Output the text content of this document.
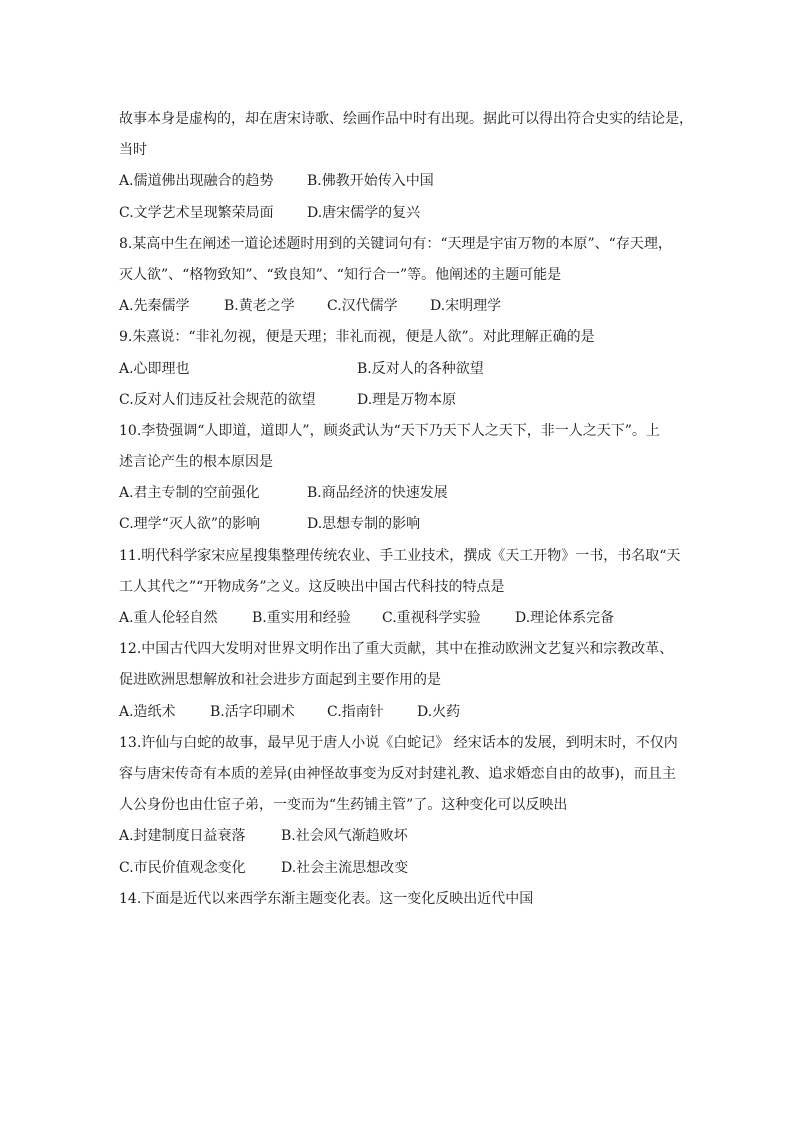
故事本身是虚构的，却在唐宋诗歌、绘画作品中时有出现。据此可以得出符合史实的结论是，
当时
A.儒道佛出现融合的趋势	B.佛教开始传入中国
C.文学艺术呈现繁荣局面	D.唐宋儒学的复兴
8.某高中生在阐述一道论述题时用到的关键词句有：“天理是宇宙万物的本原”、“存天理，
灭人欲”、“格物致知”、“致良知”、“知行合一”等。他阐述的主题可能是
A.先秦儒学	B.黄老之学	C.汉代儒学	D.宋明理学
9.朱熹说：“非礼勿视，便是天理；非礼而视，便是人欲”。对此理解正确的是
A.心即理也	B.反对人的各种欲望
C.反对人们违反社会规范的欲望	D.理是万物本原
10.李贽强调“人即道，道即人”，顾炎武认为“天下乃天下人之天下，非一人之天下”。上
述言论产生的根本原因是
A.君主专制的空前强化	B.商品经济的快速发展
C.理学“灭人欲”的影响	D.思想专制的影响
11.明代科学家宋应星搜集整理传统农业、手工业技术，撰成《天工开物》一书，书名取“天
工人其代之”“开物成务”之义。这反映出中国古代科技的特点是
A.重人伦轻自然	B.重实用和经验	C.重视科学实验	D.理论体系完备
12.中国古代四大发明对世界文明作出了重大贡献，其中在推动欧洲文艺复兴和宗教改革、
促进欧洲思想解放和社会进步方面起到主要作用的是
A.造纸术	B.活字印刷术	C.指南针	D.火药
13.许仙与白蛇的故事，最早见于唐人小说《白蛇记》 经宋话本的发展，到明末时，不仅内
容与唐宋传奇有本质的差异(由神怪故事变为反对封建礼教、追求婚恋自由的故事)，而且主
人公身份也由仕宦子弟，一变而为“生药铺主管”了。这种变化可以反映出
A.封建制度日益衰落	B.社会风气渐趋败坏
C.市民价值观念变化	D.社会主流思想改变
14.下面是近代以来西学东渐主题变化表。这一变化反映出近代中国
